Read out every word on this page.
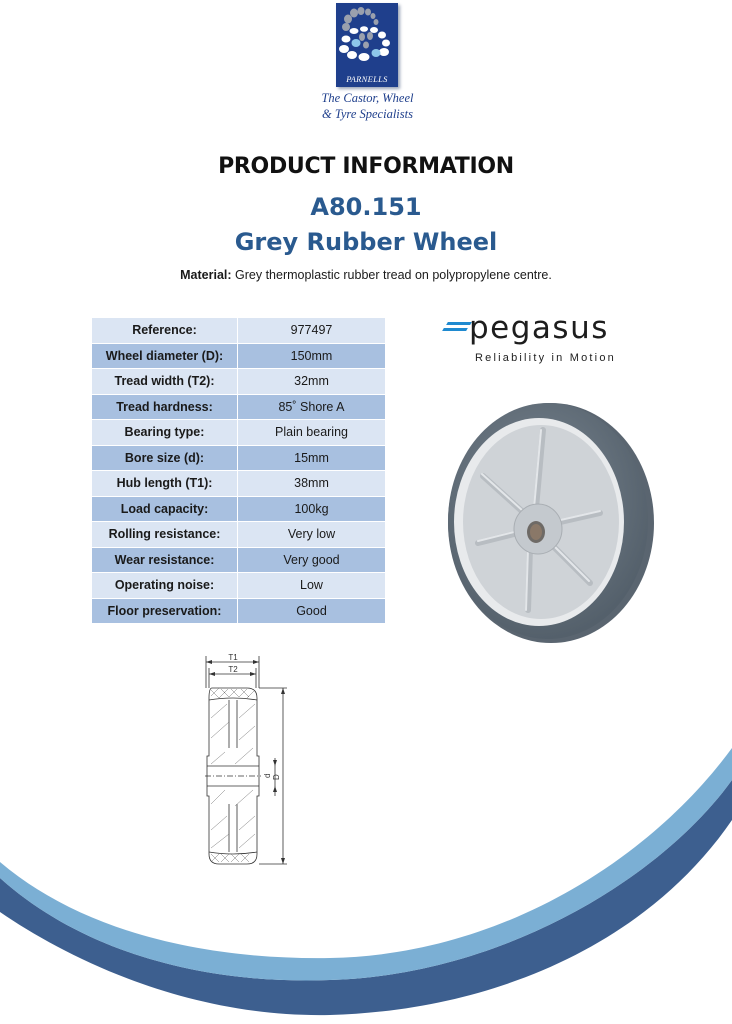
PARNELLS
The Castor, Wheel
& Tyre Specialists
PRODUCT INFORMATION
A80.151
Grey Rubber Wheel
Material: Grey thermoplastic rubber tread on polypropylene centre.
Reference:	977497
Wheel diameter (D):	150mm
Tread width (T2):	32mm
Tread hardness:	85˚ Shore A
Bearing type:	Plain bearing
Bore size (d):	15mm
Hub length (T1):	38mm
Load capacity:	100kg
Rolling resistance:	Very low
Wear resistance:	Very good
Operating noise:	Low
Floor preservation:	Good
pegasus
Reliability in Motion
T1
T2
d D
